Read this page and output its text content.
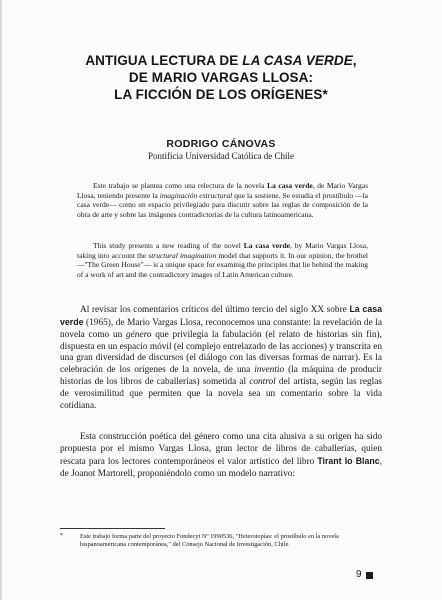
ANTIGUA LECTURA DE LA CASA VERDE,
DE MARIO VARGAS LLOSA:
LA FICCIÓN DE LOS ORÍGENES*
RODRIGO CÁNOVAS
Pontificia Universidad Católica de Chile
Este trabajo se plantea como una relectura de la novela La casa verde, de Mario Vargas Llosa, teniendo presente la imaginación estructural que la sostiene. Se estudia el prostíbulo —la casa verde— como un espacio privilegiado para discutir sobre las reglas de composición de la obra de arte y sobre las imágenes contradictorias de la cultura latinoamericana.
This study presents a new reading of the novel La casa verde, by Mario Vargas Llosa, taking into account the structural imagination model that supports it. In our opinion, the brothel —"The Green House"— is a unique space for examinig the principles that lie behind the making of a work of art and the contradictory images of Latin American culture.
Al revisar los comentarios críticos del último tercio del siglo XX sobre La casa verde (1965), de Mario Vargas Llosa, reconocemos una constante: la revelación de la novela como un género que privilegia la fabulación (el relato de historias sin fin), dispuesta en un espacio móvil (el complejo entrelazado de las acciones) y transcrita en una gran diversidad de discursos (el diálogo con las diversas formas de narrar). Es la celebración de los orígenes de la novela, de una inventio (la máquina de producir historias de los libros de caballerías) sometida al control del artista, según las reglas de verosimilitud que permiten que la novela sea un comentario sobre la vida cotidiana.
Esta construcción poética del género como una cita alusiva a su origen ha sido propuesta por el mismo Vargas Llosa, gran lector de libros de caballerías, quien rescata para los lectores contemporáneos el valor artístico del libro Tirant lo Blanc, de Joanot Martorell, proponiéndolo como un modelo narrativo:
*	Este trabajo forma parte del proyecto Fondecyt Nº 1990536, "Heterotopías: el prostíbulo en la novela hispanoamericana contemporánea," del Consejo Nacional de Investigación, Chile.
9
